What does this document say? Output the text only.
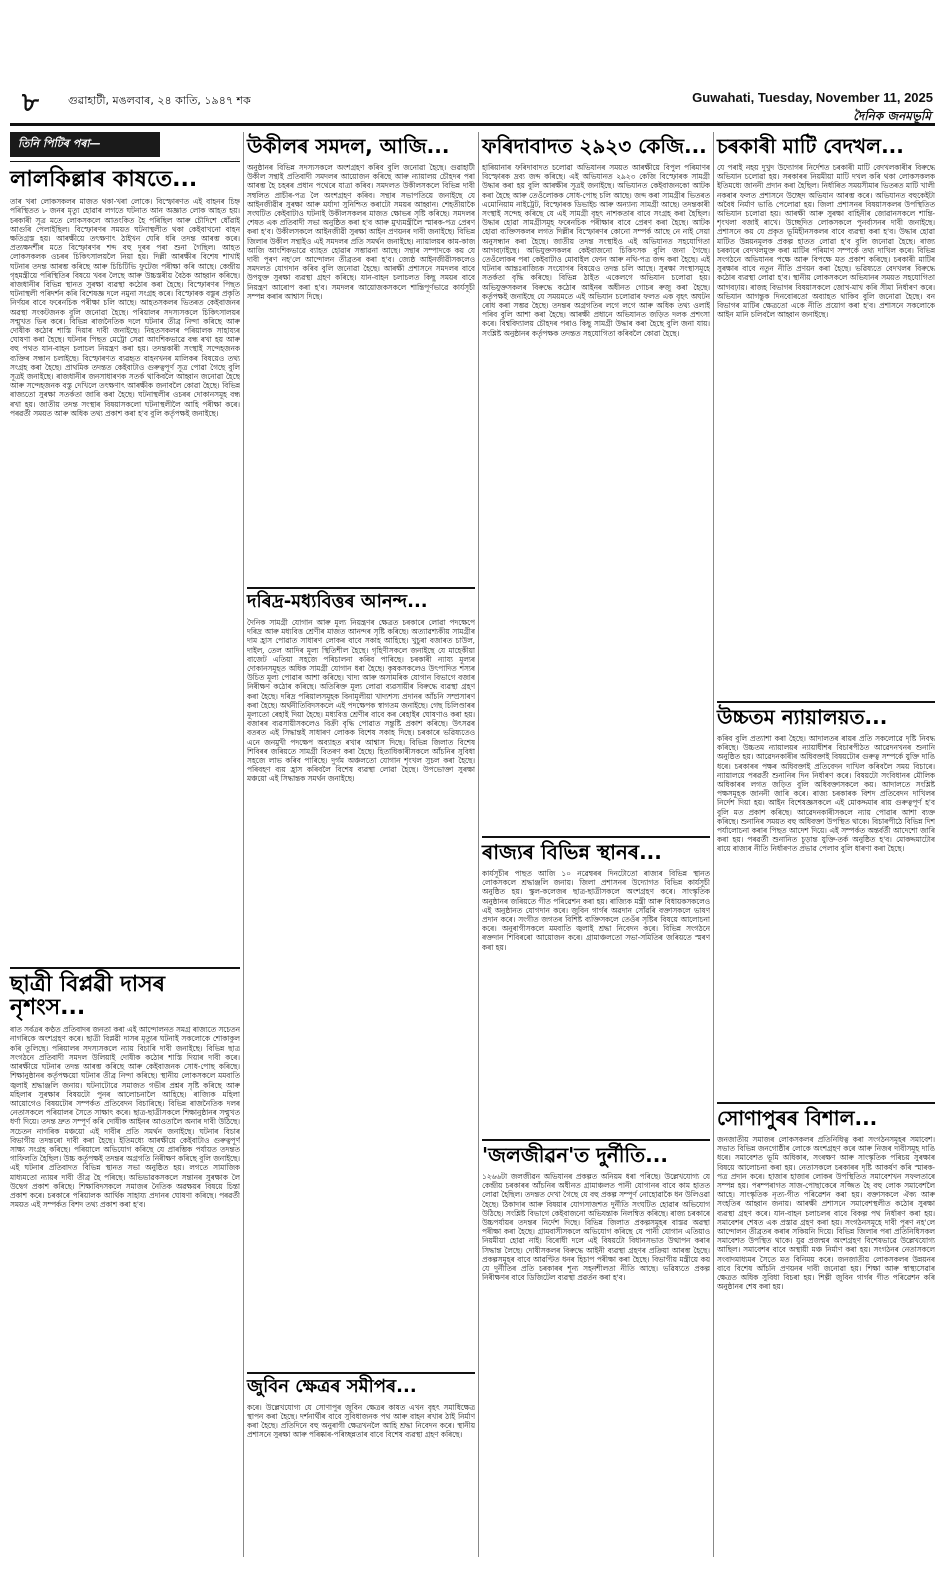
৮	গুৱাহাটী, মঙলবাৰ, ২৪ কাতি, ১৯৪৭ শক	Guwahati, Tuesday, November 11, 2025
দৈনিক জনমভূমি
তিনি পিটিৰ পৰা—
লালকিল্লাৰ কাষতে...
তাৰ খৰা লোকসকলৰ মাজত থকা-খৰা লোকে। বিস্ফোৰণত এই বাহনৰ চিহ্ন পৰিস্থিতত ৮ জনৰ মৃত্যু হোৱাৰ লগতে ঘটনাত আন অজ্ঞাত লোক আহত হয়। চৰকাৰী সূত্ৰ মতে লোকসকলে আতংকিত হৈ পৰিছিল আৰু চৌদিশে ধোঁৱাই আগুৰি পেলাইছিল। বিস্ফোৰণৰ সময়ত ঘটনাস্থলীত থকা কেইবাখনো বাহন ক্ষতিগ্ৰস্ত হয়। আৰক্ষীয়ে তৎক্ষণাৎ ঠাইখন ঘেৰি ধৰি তদন্ত আৰম্ভ কৰে। প্ৰত্যক্ষদৰ্শীৰ মতে বিস্ফোৰণৰ শব্দ বহু দূৰৰ পৰা শুনা গৈছিল। আহত লোকসকলক ওচৰৰ চিকিৎসালয়লৈ নিয়া হয়। দিল্লী আৰক্ষীৰ বিশেষ শাখাই ঘটনাৰ তদন্ত আৰম্ভ কৰিছে আৰু চিচিটিভি ফুটেজ পৰীক্ষা কৰি আছে। কেন্দ্ৰীয় গৃহমন্ত্ৰীয়ে পৰিস্থিতিৰ বিষয়ে খবৰ লৈছে আৰু উচ্চস্তৰীয় বৈঠক আহ্বান কৰিছে। ৰাজধানীৰ বিভিন্ন স্থানত সুৰক্ষা ব্যৱস্থা কঠোৰ কৰা হৈছে। বিস্ফোৰণৰ পিছত ঘটনাস্থলী পৰিদৰ্শন কৰি বিশেষজ্ঞ দলে নমুনা সংগ্ৰহ কৰে। বিস্ফোৰক বস্তুৰ প্ৰকৃতি নিৰ্ণয়ৰ বাবে ফৰেনচিক পৰীক্ষা চলি আছে। আহতসকলৰ ভিতৰত কেইবাজনৰ অৱস্থা সংকটজনক বুলি জনোৱা হৈছে। পৰিয়ালৰ সদস্যসকলে চিকিৎসালয়ৰ সন্মুখত ভিৰ কৰে। বিভিন্ন ৰাজনৈতিক দলে ঘটনাৰ তীব্ৰ নিন্দা কৰিছে আৰু দোষীক কঠোৰ শাস্তি দিয়াৰ দাবী জনাইছে। নিহতসকলৰ পৰিয়ালক সাহায্যৰ ঘোষণা কৰা হৈছে। ঘটনাৰ পিছত মেট্ৰো সেৱা আংশিকভাৱে বন্ধ ৰখা হয় আৰু বহু পথত যান-বাহন চলাচল নিয়ন্ত্ৰণ কৰা হয়। তদন্তকাৰী সংস্থাই সন্দেহজনক ব্যক্তিৰ সন্ধান চলাইছে। বিস্ফোৰণত ব্যৱহৃত বাহনখনৰ মালিকৰ বিষয়েও তথ্য সংগ্ৰহ কৰা হৈছে। প্ৰাথমিক তদন্তত কেইবাটাও গুৰুত্বপূৰ্ণ সূত্ৰ পোৱা গৈছে বুলি সূত্ৰই জনাইছে। ৰাজধানীৰ জনসাধাৰণক সতৰ্ক থাকিবলৈ আহ্বান জনোৱা হৈছে আৰু সন্দেহজনক বস্তু দেখিলে তৎক্ষণাৎ আৰক্ষীক জনাবলৈ কোৱা হৈছে। বিভিন্ন ৰাজ্যতো সুৰক্ষা সতৰ্কতা জাৰি কৰা হৈছে। ঘটনাস্থলীৰ ওচৰৰ দোকানসমূহ বন্ধ ৰখা হয়। জাতীয় তদন্ত সংস্থাৰ বিষয়াসকলো ঘটনাস্থলীলৈ আহি পৰীক্ষা কৰে। পৰৱৰ্তী সময়ত আৰু অধিক তথ্য প্ৰকাশ কৰা হ'ব বুলি কৰ্তৃপক্ষই জনাইছে।
ছাত্ৰী বিপ্লৱী দাসৰ নৃশংস...
ৰাত সৰ্বত্ৰৰ কণ্ঠত প্ৰতিবাদৰ জনতা কৰা এই আন্দোলনত সমগ্ৰ ৰাজ্যতে সচেতন নাগৰিকে অংশগ্ৰহণ কৰে। ছাত্ৰী বিপ্লৱী দাসৰ মৃত্যুৰ ঘটনাই সকলোকে শোকাকুল কৰি তুলিছে। পৰিয়ালৰ সদস্যসকলে ন্যায় বিচাৰি দাবী জনাইছে। বিভিন্ন ছাত্ৰ সংগঠনে প্ৰতিবাদী সমদল উলিয়াই দোষীক কঠোৰ শাস্তি দিয়াৰ দাবী কৰে। আৰক্ষীয়ে ঘটনাৰ তদন্ত আৰম্ভ কৰিছে আৰু কেইবাজনক সোধ-পোছ কৰিছে। শিক্ষানুষ্ঠানৰ কৰ্তৃপক্ষয়ো ঘটনাৰ তীব্ৰ নিন্দা কৰিছে। স্থানীয় লোকসকলে মমবাতি জ্বলাই শ্ৰদ্ধাঞ্জলি জনায়। ঘটনাটোৱে সমাজত গভীৰ প্ৰশ্নৰ সৃষ্টি কৰিছে আৰু মহিলাৰ সুৰক্ষাৰ বিষয়টো পুনৰ আলোচনালৈ আহিছে। ৰাজ্যিক মহিলা আয়োগেও বিষয়টোৰ সম্পৰ্কত প্ৰতিবেদন বিচাৰিছে। বিভিন্ন ৰাজনৈতিক দলৰ নেতাসকলে পৰিয়ালৰ সৈতে সাক্ষাৎ কৰে। ছাত্ৰ-ছাত্ৰীসকলে শিক্ষানুষ্ঠানৰ সন্মুখত ধৰ্ণা দিয়ে। তদন্ত দ্ৰুত সম্পূৰ্ণ কৰি দোষীক আইনৰ আওতালৈ অনাৰ দাবী উঠিছে। সচেতন নাগৰিক মঞ্চয়ো এই দাবীৰ প্ৰতি সমৰ্থন জনাইছে। ঘটনাৰ বিচাৰ বিভাগীয় তদন্তৰো দাবী কৰা হৈছে। ইতিমধ্যে আৰক্ষীয়ে কেইবাটাও গুৰুত্বপূৰ্ণ সাক্ষ্য সংগ্ৰহ কৰিছে। পৰিয়ালে অভিযোগ কৰিছে যে প্ৰাৰম্ভিক পৰ্যায়ত তদন্তত গাফিলতি হৈছিল। উচ্চ কৰ্তৃপক্ষই তদন্তৰ অগ্ৰগতি নিৰীক্ষণ কৰিছে বুলি জনাইছে। এই ঘটনাৰ প্ৰতিবাদত বিভিন্ন স্থানত সভা অনুষ্ঠিত হয়। লগতে সামাজিক মাধ্যমতো ন্যায়ৰ দাবী তীব্ৰ হৈ পৰিছে। অভিভাৱকসকলে সন্তানৰ সুৰক্ষাক লৈ উদ্বেগ প্ৰকাশ কৰিছে। শিক্ষাবিদসকলে সমাজৰ নৈতিক অৱক্ষয়ৰ বিষয়ে চিন্তা প্ৰকাশ কৰে। চৰকাৰে পৰিয়ালক আৰ্থিক সাহায্য প্ৰদানৰ ঘোষণা কৰিছে। পৰৱৰ্তী সময়ত এই সম্পৰ্কত বিশদ তথ্য প্ৰকাশ কৰা হ'ব।
উকীলৰ সমদল, আজি...
অনুষ্ঠানৰ বিভিন্ন সদস্যসকলে অংশগ্ৰহণ কৰিব বুলি জনোৱা হৈছে। গুৱাহাটী উকীল সন্থাই প্ৰতিবাদী সমদলৰ আয়োজন কৰিছে আৰু ন্যায়ালয় চৌহদৰ পৰা আৰম্ভ হৈ চহৰৰ প্ৰধান পথেৰে যাত্ৰা কৰিব। সমদলত উকীলসকলে বিভিন্ন দাবী সম্বলিত প্ৰাচীৰ-পত্ৰ লৈ অংশগ্ৰহণ কৰিব। সন্থাৰ সভাপতিয়ে জনাইছে যে আইনজীৱীৰ সুৰক্ষা আৰু মৰ্যাদা সুনিশ্চিত কৰাটো সময়ৰ আহ্বান। শেহতীয়াকৈ সংঘটিত কেইবাটাও ঘটনাই উকীলসকলৰ মাজত ক্ষোভৰ সৃষ্টি কৰিছে। সমদলৰ শেষত এক প্ৰতিবাদী সভা অনুষ্ঠিত কৰা হ'ব আৰু মুখ্যমন্ত্ৰীলৈ স্মাৰক-পত্ৰ প্ৰেৰণ কৰা হ'ব। উকীলসকলে আইনজীৱী সুৰক্ষা আইন প্ৰণয়নৰ দাবী জনাইছে। বিভিন্ন জিলাৰ উকীল সন্থাইও এই সমদলৰ প্ৰতি সমৰ্থন জনাইছে। ন্যায়ালয়ৰ কাম-কাজ আজি আংশিকভাৱে ব্যাহত হোৱাৰ সম্ভাৱনা আছে। সন্থাৰ সম্পাদকে কয় যে দাবী পূৰণ নহ'লে আন্দোলন তীব্ৰতৰ কৰা হ'ব। জ্যেষ্ঠ আইনজীৱীসকলেও সমদলত যোগদান কৰিব বুলি জনোৱা হৈছে। আৰক্ষী প্ৰশাসনে সমদলৰ বাবে উপযুক্ত সুৰক্ষা ব্যৱস্থা গ্ৰহণ কৰিছে। যান-বাহন চলাচলত কিছু সময়ৰ বাবে নিয়ন্ত্ৰণ আৰোপ কৰা হ'ব। সমদলৰ আয়োজকসকলে শান্তিপূৰ্ণভাৱে কাৰ্যসূচী সম্পন্ন কৰাৰ আশ্বাস দিছে।
দৰিদ্ৰ-মধ্যবিত্তৰ আনন্দ...
দৈনিক সামগ্ৰী যোগান আৰু মূল্য নিয়ন্ত্ৰণৰ ক্ষেত্ৰত চৰকাৰে লোৱা পদক্ষেপে দৰিদ্ৰ আৰু মধ্যবিত্ত শ্ৰেণীৰ মাজত আনন্দৰ সৃষ্টি কৰিছে। অত্যাৱশ্যকীয় সামগ্ৰীৰ দাম হ্ৰাস পোৱাত সাধাৰণ লোকৰ বাবে সকাহ আহিছে। খুচুৰা বজাৰত চাউল, দাইল, তেল আদিৰ মূল্য স্থিতিশীল হৈছে। গৃহিণীসকলে জনাইছে যে মাহেকীয়া বাজেট এতিয়া সহজে পৰিচালনা কৰিব পাৰিছে। চৰকাৰী ন্যায্য মূল্যৰ দোকানসমূহত অধিক সামগ্ৰী যোগান ধৰা হৈছে। কৃষকসকলেও উৎপাদিত শস্যৰ উচিত মূল্য পোৱাৰ আশা কৰিছে। খাদ্য আৰু অসামৰিক যোগান বিভাগে বজাৰ নিৰীক্ষণ কঠোৰ কৰিছে। অতিৰিক্ত মূল্য লোৱা ব্যৱসায়ীৰ বিৰুদ্ধে ব্যৱস্থা গ্ৰহণ কৰা হৈছে। দৰিদ্ৰ পৰিয়ালসমূহক বিনামূলীয়া খাদ্যশস্য প্ৰদানৰ আঁচনি সম্প্ৰসাৰণ কৰা হৈছে। অৰ্থনীতিবিদসকলে এই পদক্ষেপক স্বাগতম জনাইছে। গেছ চিলিণ্ডাৰৰ মূল্যতো ৰেহাই দিয়া হৈছে। মধ্যবিত্ত শ্ৰেণীৰ বাবে কৰ ৰেহাইৰ ঘোষণাও কৰা হয়। বজাৰৰ ব্যৱসায়ীসকলেও বিক্ৰী বৃদ্ধি পোৱাত সন্তুষ্টি প্ৰকাশ কৰিছে। উৎসৱৰ বতৰত এই সিদ্ধান্তই সাধাৰণ লোকক বিশেষ সকাহ দিছে। চৰকাৰে ভৱিষ্যতেও এনে জনমুখী পদক্ষেপ অব্যাহত ৰখাৰ আশ্বাস দিছে। বিভিন্ন জিলাত বিশেষ শিবিৰৰ জৰিয়তে সামগ্ৰী বিতৰণ কৰা হৈছে। হিতাধিকাৰীসকলে আঁচনিৰ সুবিধা সহজে লাভ কৰিব পাৰিছে। দুৰ্গম অঞ্চলতো যোগান শৃংখল সুচল কৰা হৈছে। পৰিবহণ ব্যয় হ্ৰাস কৰিবলৈ বিশেষ ব্যৱস্থা লোৱা হৈছে। উপভোক্তা সুৰক্ষা মঞ্চয়ো এই সিদ্ধান্তক সমৰ্থন জনাইছে।
জুবিন ক্ষেত্ৰৰ সমীপৰ...
কৰে। উল্লেখযোগ্য যে সোণাপুৰ জুবিন ক্ষেত্ৰৰ কাষত এখন বৃহৎ সমাধিক্ষেত্ৰ স্থাপন কৰা হৈছে। দৰ্শনাৰ্থীৰ বাবে সুবিধাজনক পথ আৰু বাহন ৰখাৰ ঠাই নিৰ্মাণ কৰা হৈছে। প্ৰতিদিনে বহু অনুৰাগী ক্ষেত্ৰখনলৈ আহি শ্ৰদ্ধা নিবেদন কৰে। স্থানীয় প্ৰশাসনে সুৰক্ষা আৰু পৰিষ্কাৰ-পৰিচ্ছন্নতাৰ বাবে বিশেষ ব্যৱস্থা গ্ৰহণ কৰিছে।
ফৰিদাবাদত ২৯২৩ কেজি...
হাৰিয়ানাৰ ফৰিদাবাদত চলোৱা অভিযানৰ সময়ত আৰক্ষীয়ে বিপুল পৰিমাণৰ বিস্ফোৰক দ্ৰব্য জব্দ কৰিছে। এই অভিযানত ২৯২৩ কেজি বিস্ফোৰক সামগ্ৰী উদ্ধাৰ কৰা হয় বুলি আৰক্ষীৰ সূত্ৰই জনাইছে। অভিযানত কেইবাজনকো আটক কৰা হৈছে আৰু তেওঁলোকক সোধ-পোছ চলি আছে। জব্দ কৰা সামগ্ৰীৰ ভিতৰত এমোনিয়াম নাইট্ৰেট, বিস্ফোৰক ডিভাইচ আৰু অন্যান্য সামগ্ৰী আছে। তদন্তকাৰী সংস্থাই সন্দেহ কৰিছে যে এই সামগ্ৰী বৃহৎ নাশকতাৰ বাবে সংগ্ৰহ কৰা হৈছিল। উদ্ধাৰ হোৱা সামগ্ৰীসমূহ ফৰেনচিক পৰীক্ষাৰ বাবে প্ৰেৰণ কৰা হৈছে। আটক হোৱা ব্যক্তিসকলৰ লগত দিল্লীৰ বিস্ফোৰণৰ কোনো সম্পৰ্ক আছে নে নাই সেয়া অনুসন্ধান কৰা হৈছে। জাতীয় তদন্ত সংস্থাইও এই অভিযানত সহযোগিতা আগবঢ়াইছে। অভিযুক্তসকলৰ কেইবাজনো চিকিৎসক বুলি জনা গৈছে। তেওঁলোকৰ পৰা কেইবাটাও মোবাইল ফোন আৰু নথি-পত্ৰ জব্দ কৰা হৈছে। এই ঘটনাৰ আন্তঃৰাজ্যিক সংযোগৰ বিষয়েও তদন্ত চলি আছে। সুৰক্ষা সংস্থাসমূহে সতৰ্কতা বৃদ্ধি কৰিছে। বিভিন্ন ঠাইত একেলগে অভিযান চলোৱা হয়। অভিযুক্তসকলৰ বিৰুদ্ধে কঠোৰ আইনৰ অধীনত গোচৰ ৰুজু কৰা হৈছে। কৰ্তৃপক্ষই জনাইছে যে সময়মতে এই অভিযান চলোৱাৰ ফলত এক বৃহৎ অঘটন ৰোধ কৰা সম্ভৱ হৈছে। তদন্তৰ অগ্ৰগতিৰ লগে লগে আৰু অধিক তথ্য ওলাই পৰিব বুলি আশা কৰা হৈছে। আৰক্ষী প্ৰধানে অভিযানত জড়িত দলক প্ৰশংসা কৰে। বিশ্ববিদ্যালয় চৌহদৰ পৰাও কিছু সামগ্ৰী উদ্ধাৰ কৰা হৈছে বুলি জনা যায়। সংশ্লিষ্ট অনুষ্ঠানৰ কৰ্তৃপক্ষক তদন্তত সহযোগিতা কৰিবলৈ কোৱা হৈছে।
ৰাজ্যৰ বিভিন্ন স্থানৰ...
কাৰ্যসূচীৰ পাছত আজি ১০ নৱেম্বৰৰ দিনটোতো ৰাজ্যৰ বিভিন্ন স্থানত লোকসকলে শ্ৰদ্ধাঞ্জলি জনায়। জিলা প্ৰশাসনৰ উদ্যোগত বিভিন্ন কাৰ্যসূচী অনুষ্ঠিত হয়। স্কুল-কলেজৰ ছাত্ৰ-ছাত্ৰীসকলে অংশগ্ৰহণ কৰে। সাংস্কৃতিক অনুষ্ঠানৰ জৰিয়তে গীত পৰিৱেশন কৰা হয়। ৰাজ্যিক মন্ত্ৰী আৰু বিধায়কসকলেও এই অনুষ্ঠানত যোগদান কৰে। জুবিন গাৰ্গৰ অৱদান সোঁৱৰি বক্তাসকলে ভাষণ প্ৰদান কৰে। সংগীত জগতৰ বিশিষ্ট ব্যক্তিসকলে তেওঁৰ সৃষ্টিৰ বিষয়ে আলোচনা কৰে। অনুৰাগীসকলে মমবাতি জ্বলাই শ্ৰদ্ধা নিবেদন কৰে। বিভিন্ন সংগঠনে ৰক্তদান শিবিৰৰো আয়োজন কৰে। গ্ৰামাঞ্চলতো সভা-সমিতিৰ জৰিয়তে স্মৰণ কৰা হয়।
'জলজীৱন'ত দুৰ্নীতি...
১২৬৬টা জলজীৱন অভিযানৰ প্ৰকল্পত অনিয়ম ধৰা পৰিছে। উল্লেখযোগ্য যে কেন্দ্ৰীয় চৰকাৰৰ আঁচনিৰ অধীনত গ্ৰামাঞ্চলত পানী যোগানৰ বাবে কাম হাতত লোৱা হৈছিল। তদন্তত দেখা গৈছে যে বহু প্ৰকল্প সম্পূৰ্ণ নোহোৱাকৈ ধন উলিওৱা হৈছে। ঠিকাদাৰ আৰু বিষয়াৰ যোগসাজশত দুৰ্নীতি সংঘটিত হোৱাৰ অভিযোগ উঠিছে। সংশ্লিষ্ট বিভাগে কেইবাজনো অভিযন্তাক নিলম্বিত কৰিছে। ৰাজ্য চৰকাৰে উচ্চপৰ্যায়ৰ তদন্তৰ নিৰ্দেশ দিছে। বিভিন্ন জিলাত প্ৰকল্পসমূহৰ বাস্তৱ অৱস্থা পৰীক্ষা কৰা হৈছে। গ্ৰামবাসীসকলে অভিযোগ কৰিছে যে পানী যোগান এতিয়াও নিয়মীয়া হোৱা নাই। বিৰোধী দলে এই বিষয়টো বিধানসভাত উত্থাপন কৰাৰ সিদ্ধান্ত লৈছে। দোষীসকলৰ বিৰুদ্ধে আইনী ব্যৱস্থা গ্ৰহণৰ প্ৰক্ৰিয়া আৰম্ভ হৈছে। প্ৰকল্পসমূহৰ বাবে আৱণ্টিত ধনৰ হিচাপ পৰীক্ষা কৰা হৈছে। বিভাগীয় মন্ত্ৰীয়ে কয় যে দুৰ্নীতিৰ প্ৰতি চৰকাৰৰ শূন্য সহনশীলতা নীতি আছে। ভৱিষ্যতে প্ৰকল্প নিৰীক্ষণৰ বাবে ডিজিটেল ব্যৱস্থা প্ৰৱৰ্তন কৰা হ'ব।
চৰকাৰী মাটি বেদখল...
যে পৰাই নহয় দুখুদ উদ্যোগৰ নিৰ্দেশত চৰকাৰী মাটি বেদখলকাৰীৰ বিৰুদ্ধে অভিযান চলোৱা হয়। সৰকাৰৰ নিয়মীয়া মাটি দখল কৰি থকা লোকসকলক ইতিমধ্যে জাননী প্ৰদান কৰা হৈছিল। নিৰ্ধাৰিত সময়সীমাৰ ভিতৰত মাটি খালী নকৰাৰ ফলত প্ৰশাসনে উচ্ছেদ অভিযান আৰম্ভ কৰে। অভিযানত বহুকেইটা অবৈধ নিৰ্মাণ ভাঙি পেলোৱা হয়। জিলা প্ৰশাসনৰ বিষয়াসকলৰ উপস্থিতিত অভিযান চলোৱা হয়। আৰক্ষী আৰু সুৰক্ষা বাহিনীৰ জোৱানসকলে শান্তি-শৃংখলা বজাই ৰাখে। উচ্ছেদিত লোকসকলে পুনৰ্বাসনৰ দাবী জনাইছে। প্ৰশাসনে কয় যে প্ৰকৃত ভূমিহীনসকলৰ বাবে ব্যৱস্থা কৰা হ'ব। উদ্ধাৰ হোৱা মাটিত উন্নয়নমূলক প্ৰকল্প হাতত লোৱা হ'ব বুলি জনোৱা হৈছে। ৰাজ্য চৰকাৰে বেদখলমুক্ত কৰা মাটিৰ পৰিমাণ সম্পৰ্কে তথ্য দাখিল কৰে। বিভিন্ন সংগঠনে অভিযানৰ পক্ষে আৰু বিপক্ষে মত প্ৰকাশ কৰিছে। চৰকাৰী মাটিৰ সুৰক্ষাৰ বাবে নতুন নীতি প্ৰণয়ন কৰা হৈছে। ভৱিষ্যতে বেদখলৰ বিৰুদ্ধে কঠোৰ ব্যৱস্থা লোৱা হ'ব। স্থানীয় লোকসকলে অভিযানৰ সময়ত সহযোগিতা আগবঢ়ায়। ৰাজহ বিভাগৰ বিষয়াসকলে জোখ-মাখ কৰি সীমা নিৰ্ধাৰণ কৰে। অভিযান আগন্তুক দিনবোৰতো অব্যাহত থাকিব বুলি জনোৱা হৈছে। বন বিভাগৰ মাটিৰ ক্ষেত্ৰতো একে নীতি প্ৰয়োগ কৰা হ'ব। প্ৰশাসনে সকলোকে আইন মানি চলিবলৈ আহ্বান জনাইছে।
উচ্চতম ন্যায়ালয়ত...
কৰিব বুলি প্ৰত্যাশা কৰা হৈছে। আদালতৰ ৰায়ৰ প্ৰতি সকলোৱে দৃষ্টি নিবদ্ধ কৰিছে। উচ্চতম ন্যায়ালয়ৰ ন্যায়াধীশৰ বিচাৰপীঠত আৱেদনখনৰ শুনানি অনুষ্ঠিত হয়। আৱেদনকাৰীৰ অধিবক্তাই বিষয়টোৰ গুৰুত্ব সম্পৰ্কে যুক্তি দাঙি ধৰে। চৰকাৰৰ পক্ষৰ অধিবক্তাই প্ৰতিবেদন দাখিল কৰিবলৈ সময় বিচাৰে। ন্যায়ালয়ে পৰৱৰ্তী শুনানিৰ দিন নিৰ্ধাৰণ কৰে। বিষয়টো সংবিধানৰ মৌলিক অধিকাৰৰ লগত জড়িত বুলি অধিবক্তাসকলে কয়। আদালতে সংশ্লিষ্ট পক্ষসমূহক জাননী জাৰি কৰে। ৰাজ্য চৰকাৰক বিশদ প্ৰতিবেদন দাখিলৰ নিৰ্দেশ দিয়া হয়। আইন বিশেষজ্ঞসকলে এই মোকদ্দমাৰ ৰায় গুৰুত্বপূৰ্ণ হ'ব বুলি মত প্ৰকাশ কৰিছে। আৱেদনকাৰীসকলে ন্যায় পোৱাৰ আশা ব্যক্ত কৰিছে। শুনানিৰ সময়ত বহু অধিবক্তা উপস্থিত থাকে। বিচাৰপীঠে বিভিন্ন দিশ পৰ্যালোচনা কৰাৰ পিছত আদেশ দিয়ে। এই সম্পৰ্কত অন্তৰ্বৰ্তী আদেশো জাৰি কৰা হয়। পৰৱৰ্তী শুনানিত চূড়ান্ত যুক্তি-তৰ্ক অনুষ্ঠিত হ'ব। মোকদ্দমাটোৰ ৰায়ে ৰাজ্যৰ নীতি নিৰ্ধাৰণত প্ৰভাৱ পেলাব বুলি ধাৰণা কৰা হৈছে।
সোণাপুৰৰ বিশাল...
জনজাতীয় সমাজৰ লোকসকলৰ প্ৰতিনিধিত্ব কৰা সংগঠনসমূহৰ সমাবেশ। সভাত বিভিন্ন জনগোষ্ঠীৰ লোকে অংশগ্ৰহণ কৰে আৰু নিজৰ দাবীসমূহ দাঙি ধৰে। সমাবেশত ভূমি অধিকাৰ, সংৰক্ষণ আৰু সাংস্কৃতিক পৰিচয় সুৰক্ষাৰ বিষয়ে আলোচনা কৰা হয়। নেতাসকলে চৰকাৰৰ দৃষ্টি আকৰ্ষণ কৰি স্মাৰক-পত্ৰ প্ৰদান কৰে। হাজাৰ হাজাৰ লোকৰ উপস্থিতিত সমাবেশখন সফলতাৰে সম্পন্ন হয়। পৰম্পৰাগত সাজ-পোছাকেৰে সজ্জিত হৈ বহু লোক সমাবেশলৈ আহে। সাংস্কৃতিক নৃত্য-গীত পৰিৱেশন কৰা হয়। বক্তাসকলে ঐক্য আৰু সংহতিৰ আহ্বান জনায়। আৰক্ষী প্ৰশাসনে সমাবেশস্থলীত কঠোৰ সুৰক্ষা ব্যৱস্থা গ্ৰহণ কৰে। যান-বাহন চলাচলৰ বাবে বিকল্প পথ নিৰ্ধাৰণ কৰা হয়। সমাবেশৰ শেষত এক প্ৰস্তাৱ গ্ৰহণ কৰা হয়। সংগঠনসমূহে দাবী পূৰণ নহ'লে আন্দোলন তীব্ৰতৰ কৰাৰ সকিয়নি দিয়ে। বিভিন্ন জিলাৰ পৰা প্ৰতিনিধিসকল সমাবেশত উপস্থিত থাকে। যুৱ প্ৰজন্মৰ অংশগ্ৰহণ বিশেষভাৱে উল্লেখযোগ্য আছিল। সমাবেশৰ বাবে অস্থায়ী মঞ্চ নিৰ্মাণ কৰা হয়। সংগঠনৰ নেতাসকলে সংবাদমাধ্যমৰ সৈতে মত বিনিময় কৰে। জনজাতীয় লোকসকলৰ উন্নয়নৰ বাবে বিশেষ আঁচনি প্ৰণয়নৰ দাবী জনোৱা হয়। শিক্ষা আৰু স্বাস্থ্যসেৱাৰ ক্ষেত্ৰত অধিক সুবিধা বিচৰা হয়। শিল্পী জুবিন গাৰ্গৰ গীত পৰিৱেশন কৰি অনুষ্ঠানৰ শেষ কৰা হয়।
